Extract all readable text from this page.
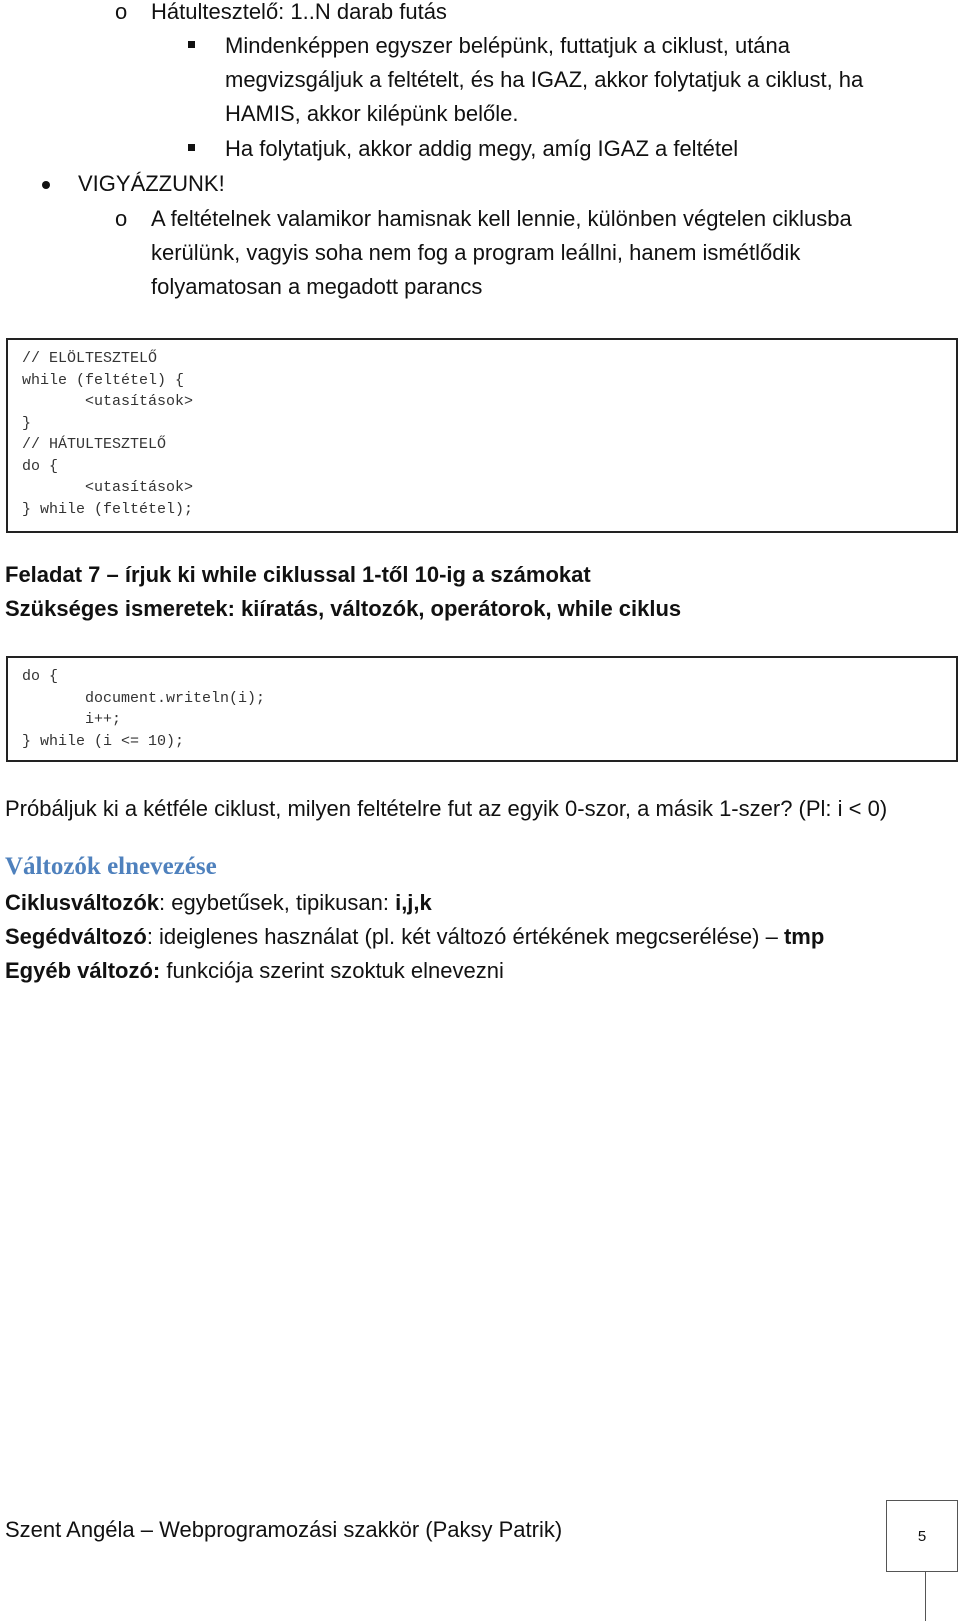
o Hátultesztelő: 1..N darab futás
Mindenképpen egyszer belépünk, futtatjuk a ciklust, utána
megvizsgáljuk a feltételt, és ha IGAZ, akkor folytatjuk a ciklust, ha
HAMIS, akkor kilépünk belőle.
Ha folytatjuk, akkor addig megy, amíg IGAZ a feltétel
VIGYÁZZUNK!
o A feltételnek valamikor hamisnak kell lennie, különben végtelen ciklusba
kerülünk, vagyis soha nem fog a program leállni, hanem ismétlődik
folyamatosan a megadott parancs
// ELÖLTESZTELŐ
while (feltétel) {
<utasítások>
}
// HÁTULTESZTELŐ
do {
<utasítások>
} while (feltétel);
Feladat 7 – írjuk ki while ciklussal 1-től 10-ig a számokat
Szükséges ismeretek: kiíratás, változók, operátorok, while ciklus
do {
document.writeln(i);
i++;
} while (i <= 10);
Próbáljuk ki a kétféle ciklust, milyen feltételre fut az egyik 0-szor, a másik 1-szer? (Pl: i < 0)
Változók elnevezése
Ciklusváltozók: egybetűsek, tipikusan: i,j,k
Segédváltozó: ideiglenes használat (pl. két változó értékének megcserélése) – tmp
Egyéb változó: funkciója szerint szoktuk elnevezni
Szent Angéla – Webprogramozási szakkör (Paksy Patrik)	5
